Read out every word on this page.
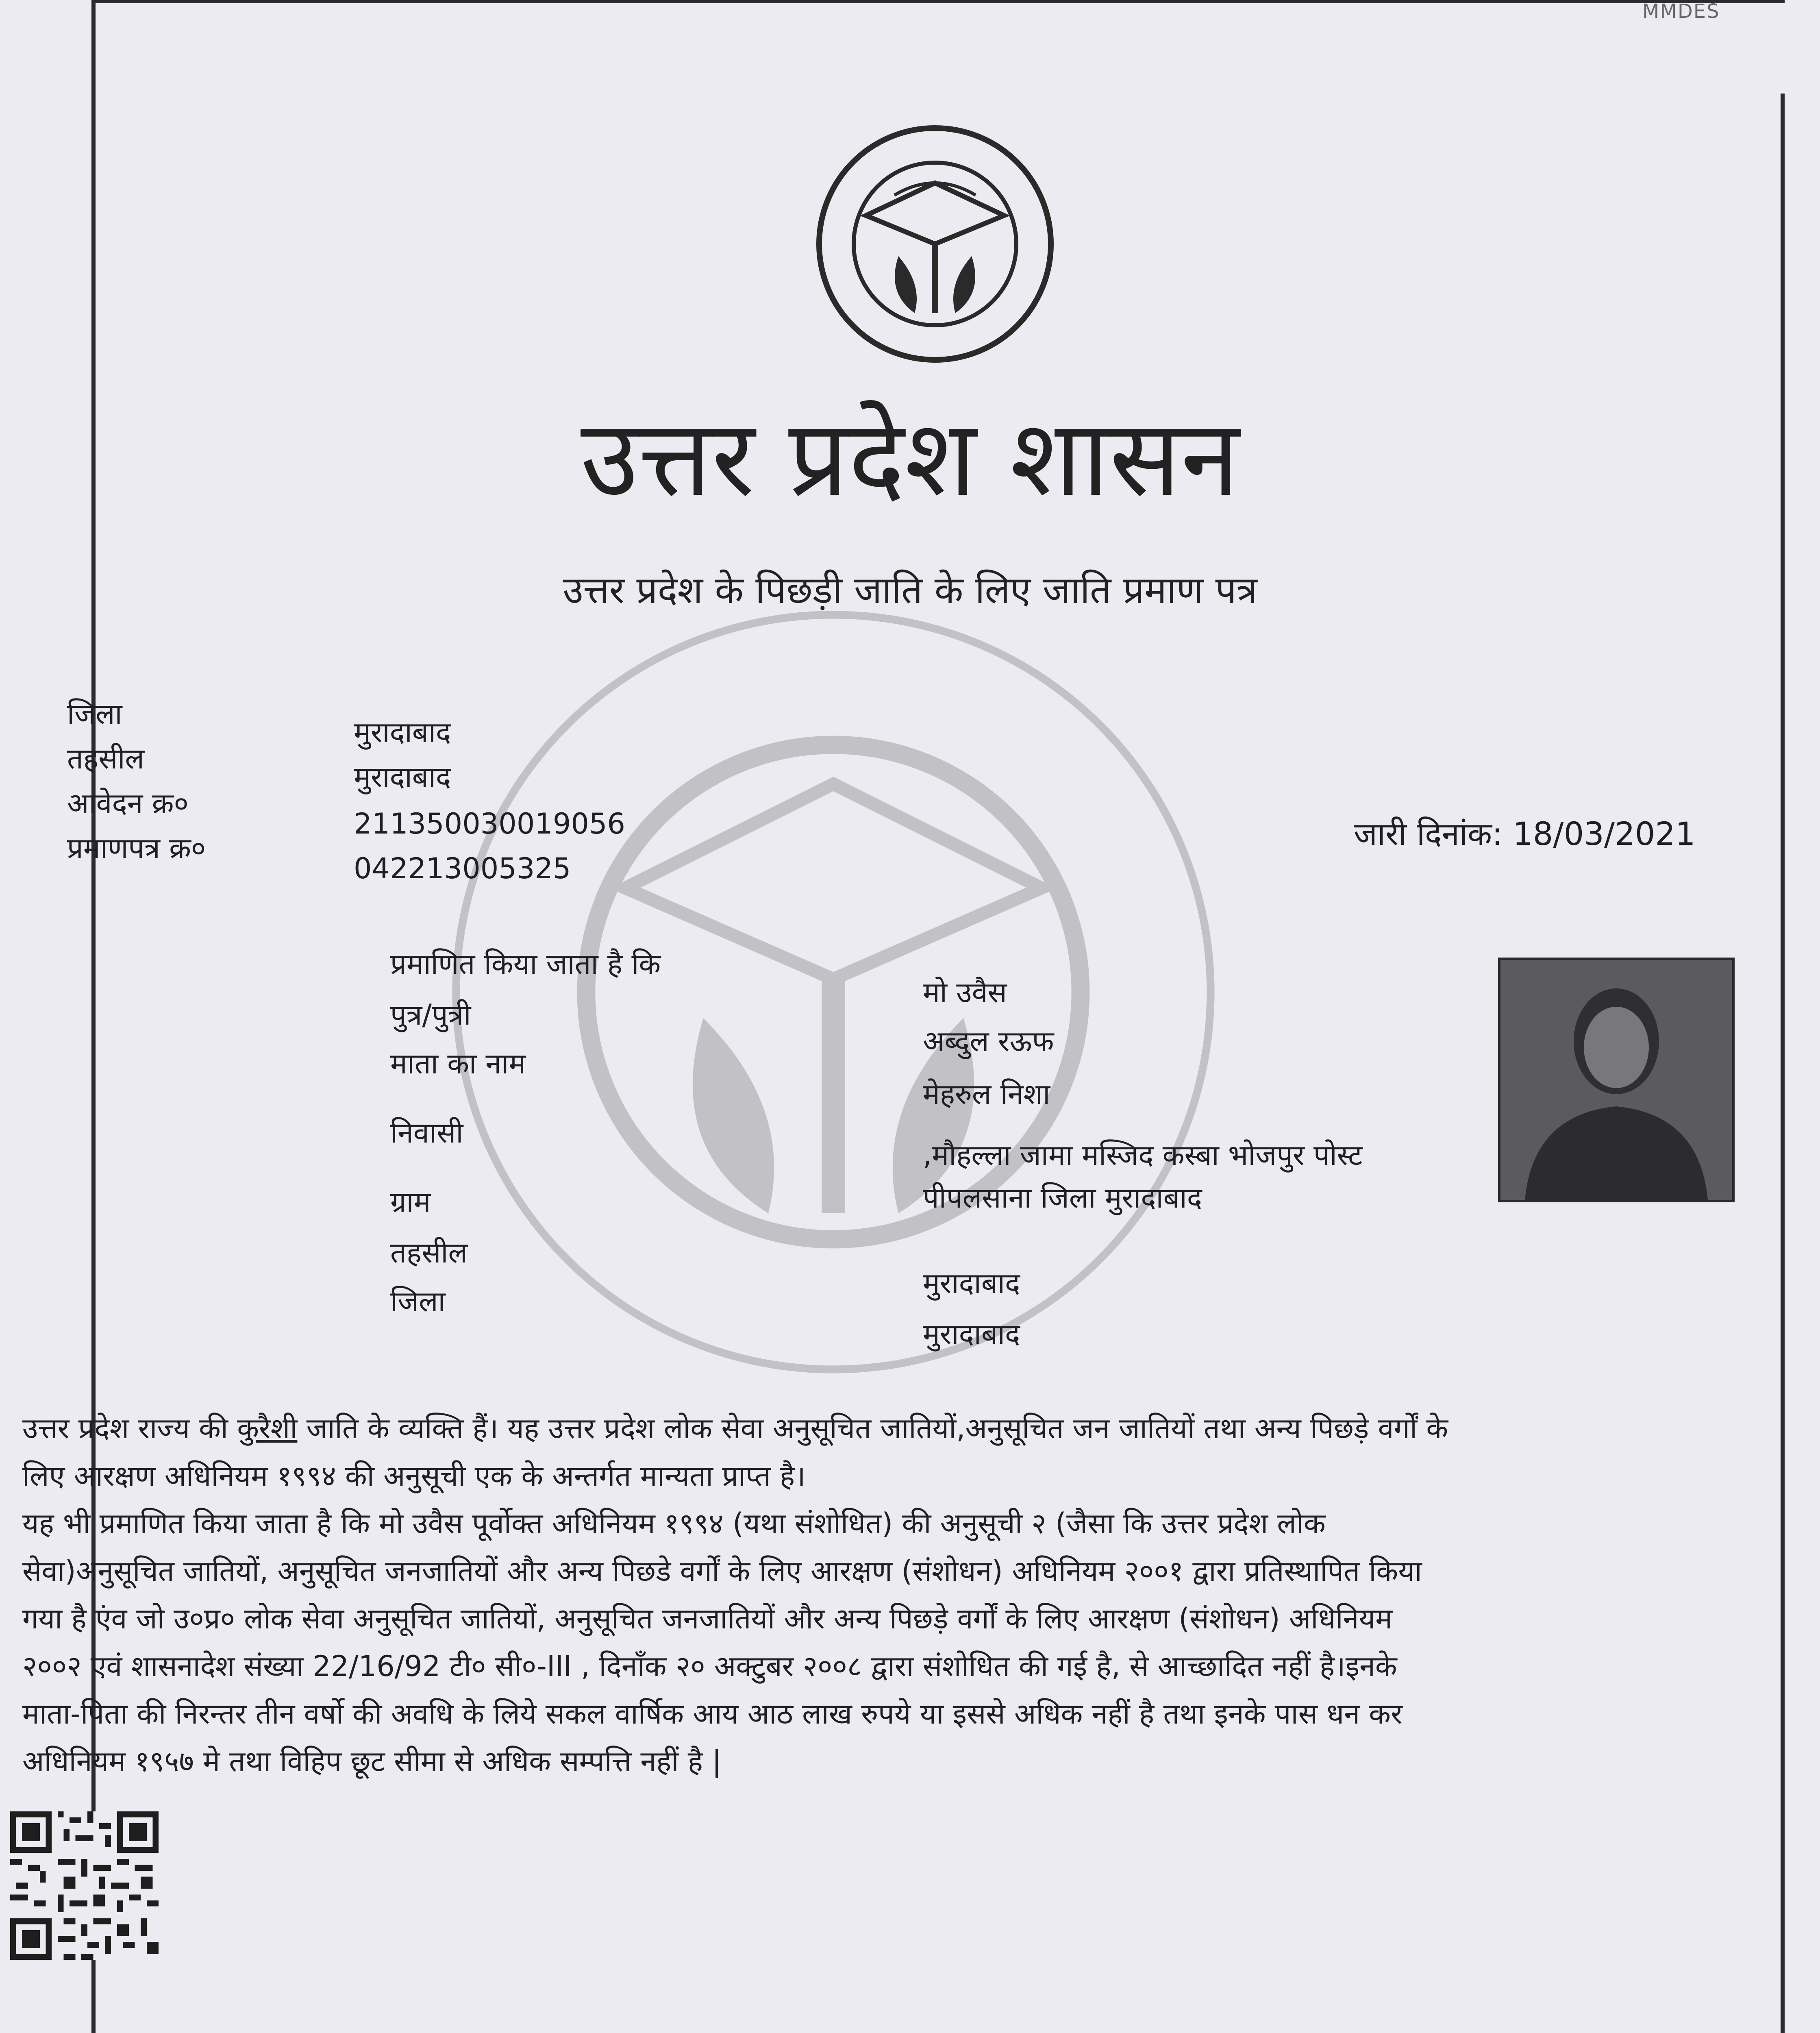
MMDES
उत्तर प्रदेश शासन
उत्तर प्रदेश के पिछड़ी जाति के लिए जाति प्रमाण पत्र
जिला
तहसील
आवेदन क्र०
प्रमाणपत्र क्र०
मुरादाबाद
मुरादाबाद
211350030019056
042213005325
जारी दिनांक: 18/03/2021
प्रमाणित किया जाता है कि
पुत्र/पुत्री
माता का नाम
निवासी
ग्राम
तहसील
जिला
मो उवैस
अब्दुल रऊफ
मेहरुल निशा
,मौहल्ला जामा मस्जिद कस्बा भोजपुर पोस्ट
पीपलसाना जिला मुरादाबाद
मुरादाबाद
मुरादाबाद

उत्तर प्रदेश राज्य की कुरैशी जाति के व्यक्ति हैं। यह उत्तर प्रदेश लोक सेवा अनुसूचित जातियों,अनुसूचित जन जातियों तथा अन्य पिछड़े वर्गों के

लिए आरक्षण अधिनियम १९९४ की अनुसूची एक के अन्तर्गत मान्यता प्राप्त है।

यह भी प्रमाणित किया जाता है कि मो उवैस पूर्वोक्त अधिनियम १९९४ (यथा संशोधित) की अनुसूची २ (जैसा कि उत्तर प्रदेश लोक

सेवा)अनुसूचित जातियों, अनुसूचित जनजातियों और अन्य पिछडे वर्गों के लिए आरक्षण (संशोधन) अधिनियम २००१ द्वारा प्रतिस्थापित किया

गया है एंव जो उ०प्र० लोक सेवा अनुसूचित जातियों, अनुसूचित जनजातियों और अन्य पिछड़े वर्गों के लिए आरक्षण (संशोधन) अधिनियम

२००२ एवं शासनादेश संख्या 22/16/92 टी० सी०-III , दिनाँक २० अक्टुबर २००८ द्वारा संशोधित की गई है, से आच्छादित नहीं है।इनके

माता-पिता की निरन्तर तीन वर्षो की अवधि के लिये सकल वार्षिक आय आठ लाख रुपये या इससे अधिक नहीं है तथा इनके पास धन कर

अधिनियम १९५७ मे तथा विहिप छूट सीमा से अधिक सम्पत्ति नहीं है |
